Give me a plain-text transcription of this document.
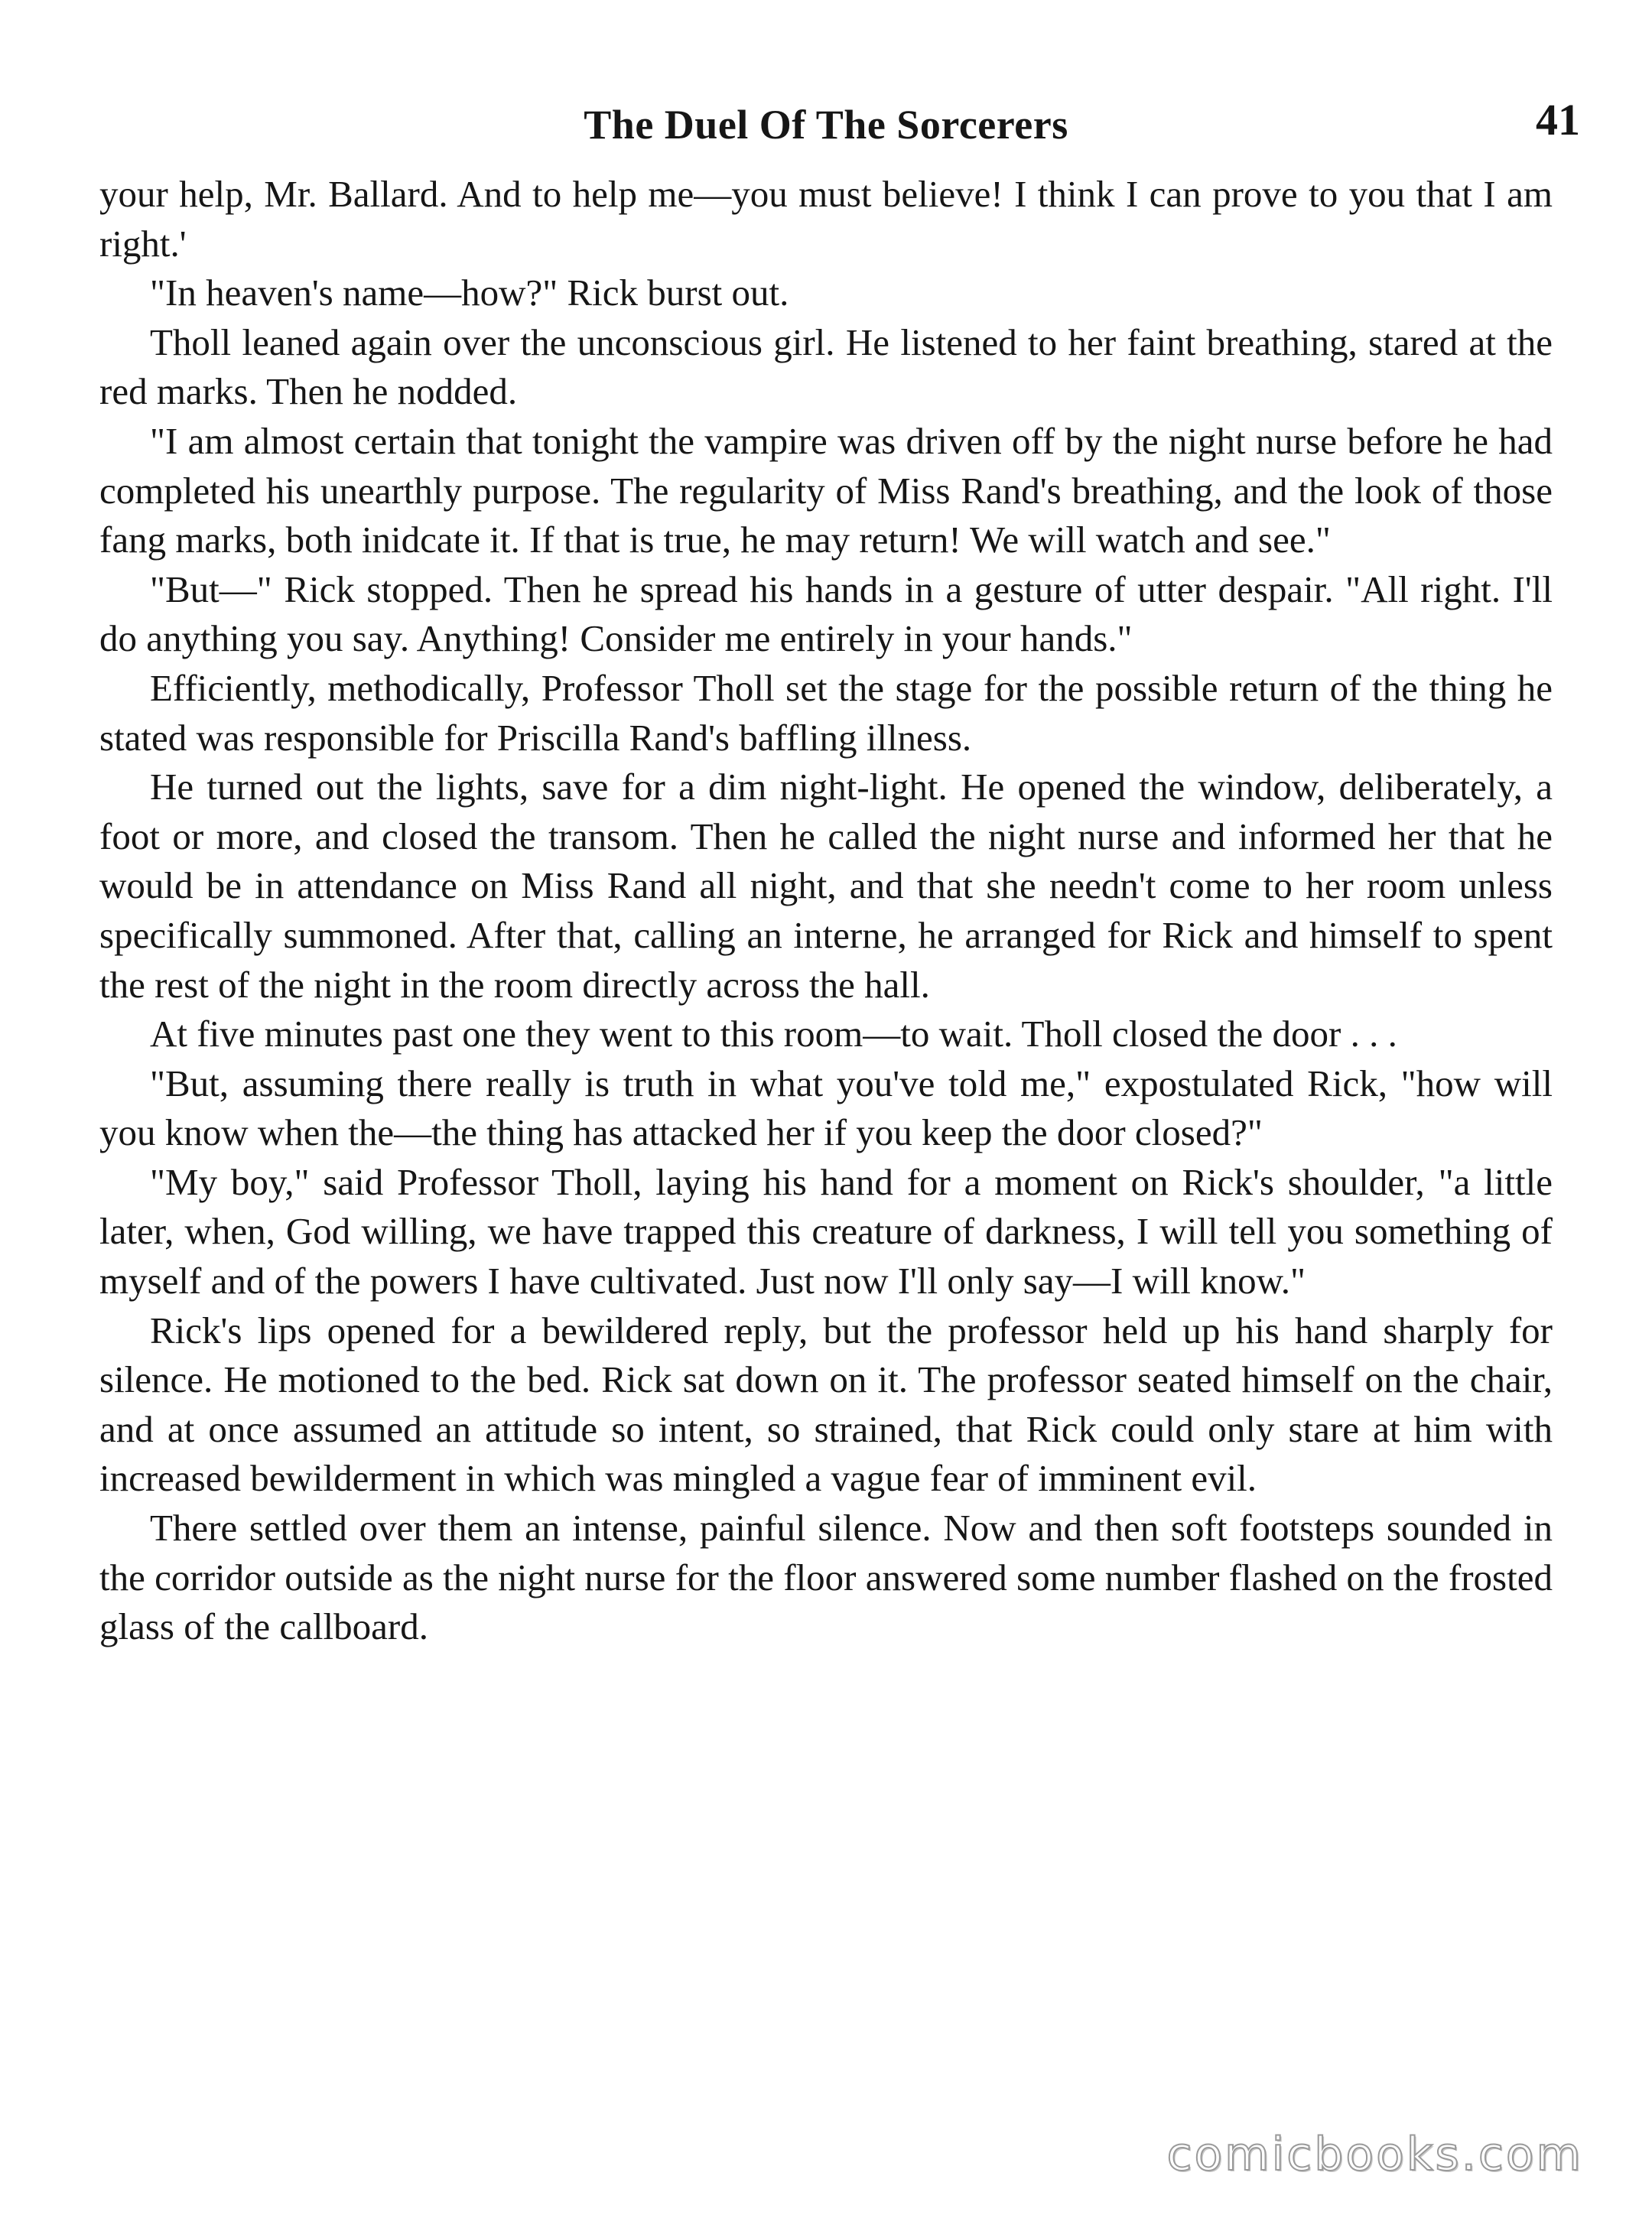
The Duel Of The Sorcerers	41

your help, Mr. Ballard. And to help me—you must believe! I think I can prove to you that I am right.'

"In heaven's name—how?" Rick burst out.

Tholl leaned again over the unconscious girl. He listened to her faint breathing, stared at the red marks. Then he nodded.

"I am almost certain that tonight the vampire was driven off by the night nurse before he had completed his unearthly purpose. The regularity of Miss Rand's breathing, and the look of those fang marks, both inidcate it. If that is true, he may return! We will watch and see."

"But—" Rick stopped. Then he spread his hands in a gesture of utter despair. "All right. I'll do anything you say. Anything! Consider me entirely in your hands."

Efficiently, methodically, Professor Tholl set the stage for the possible return of the thing he stated was responsible for Priscilla Rand's baffling illness.

He turned out the lights, save for a dim night-light. He opened the window, deliberately, a foot or more, and closed the transom. Then he called the night nurse and informed her that he would be in attendance on Miss Rand all night, and that she needn't come to her room unless specifically summoned. After that, calling an interne, he arranged for Rick and himself to spent the rest of the night in the room directly across the hall.

At five minutes past one they went to this room—to wait. Tholl closed the door . . .

"But, assuming there really is truth in what you've told me," expostulated Rick, "how will you know when the—the thing has attacked her if you keep the door closed?"

"My boy," said Professor Tholl, laying his hand for a moment on Rick's shoulder, "a little later, when, God willing, we have trapped this creature of darkness, I will tell you something of myself and of the powers I have cultivated. Just now I'll only say—I will know."

Rick's lips opened for a bewildered reply, but the professor held up his hand sharply for silence. He motioned to the bed. Rick sat down on it. The professor seated himself on the chair, and at once assumed an attitude so intent, so strained, that Rick could only stare at him with increased bewilderment in which was mingled a vague fear of imminent evil.

There settled over them an intense, painful silence. Now and then soft footsteps sounded in the corridor outside as the night nurse for the floor answered some number flashed on the frosted glass of the callboard.

comicbooks.com
